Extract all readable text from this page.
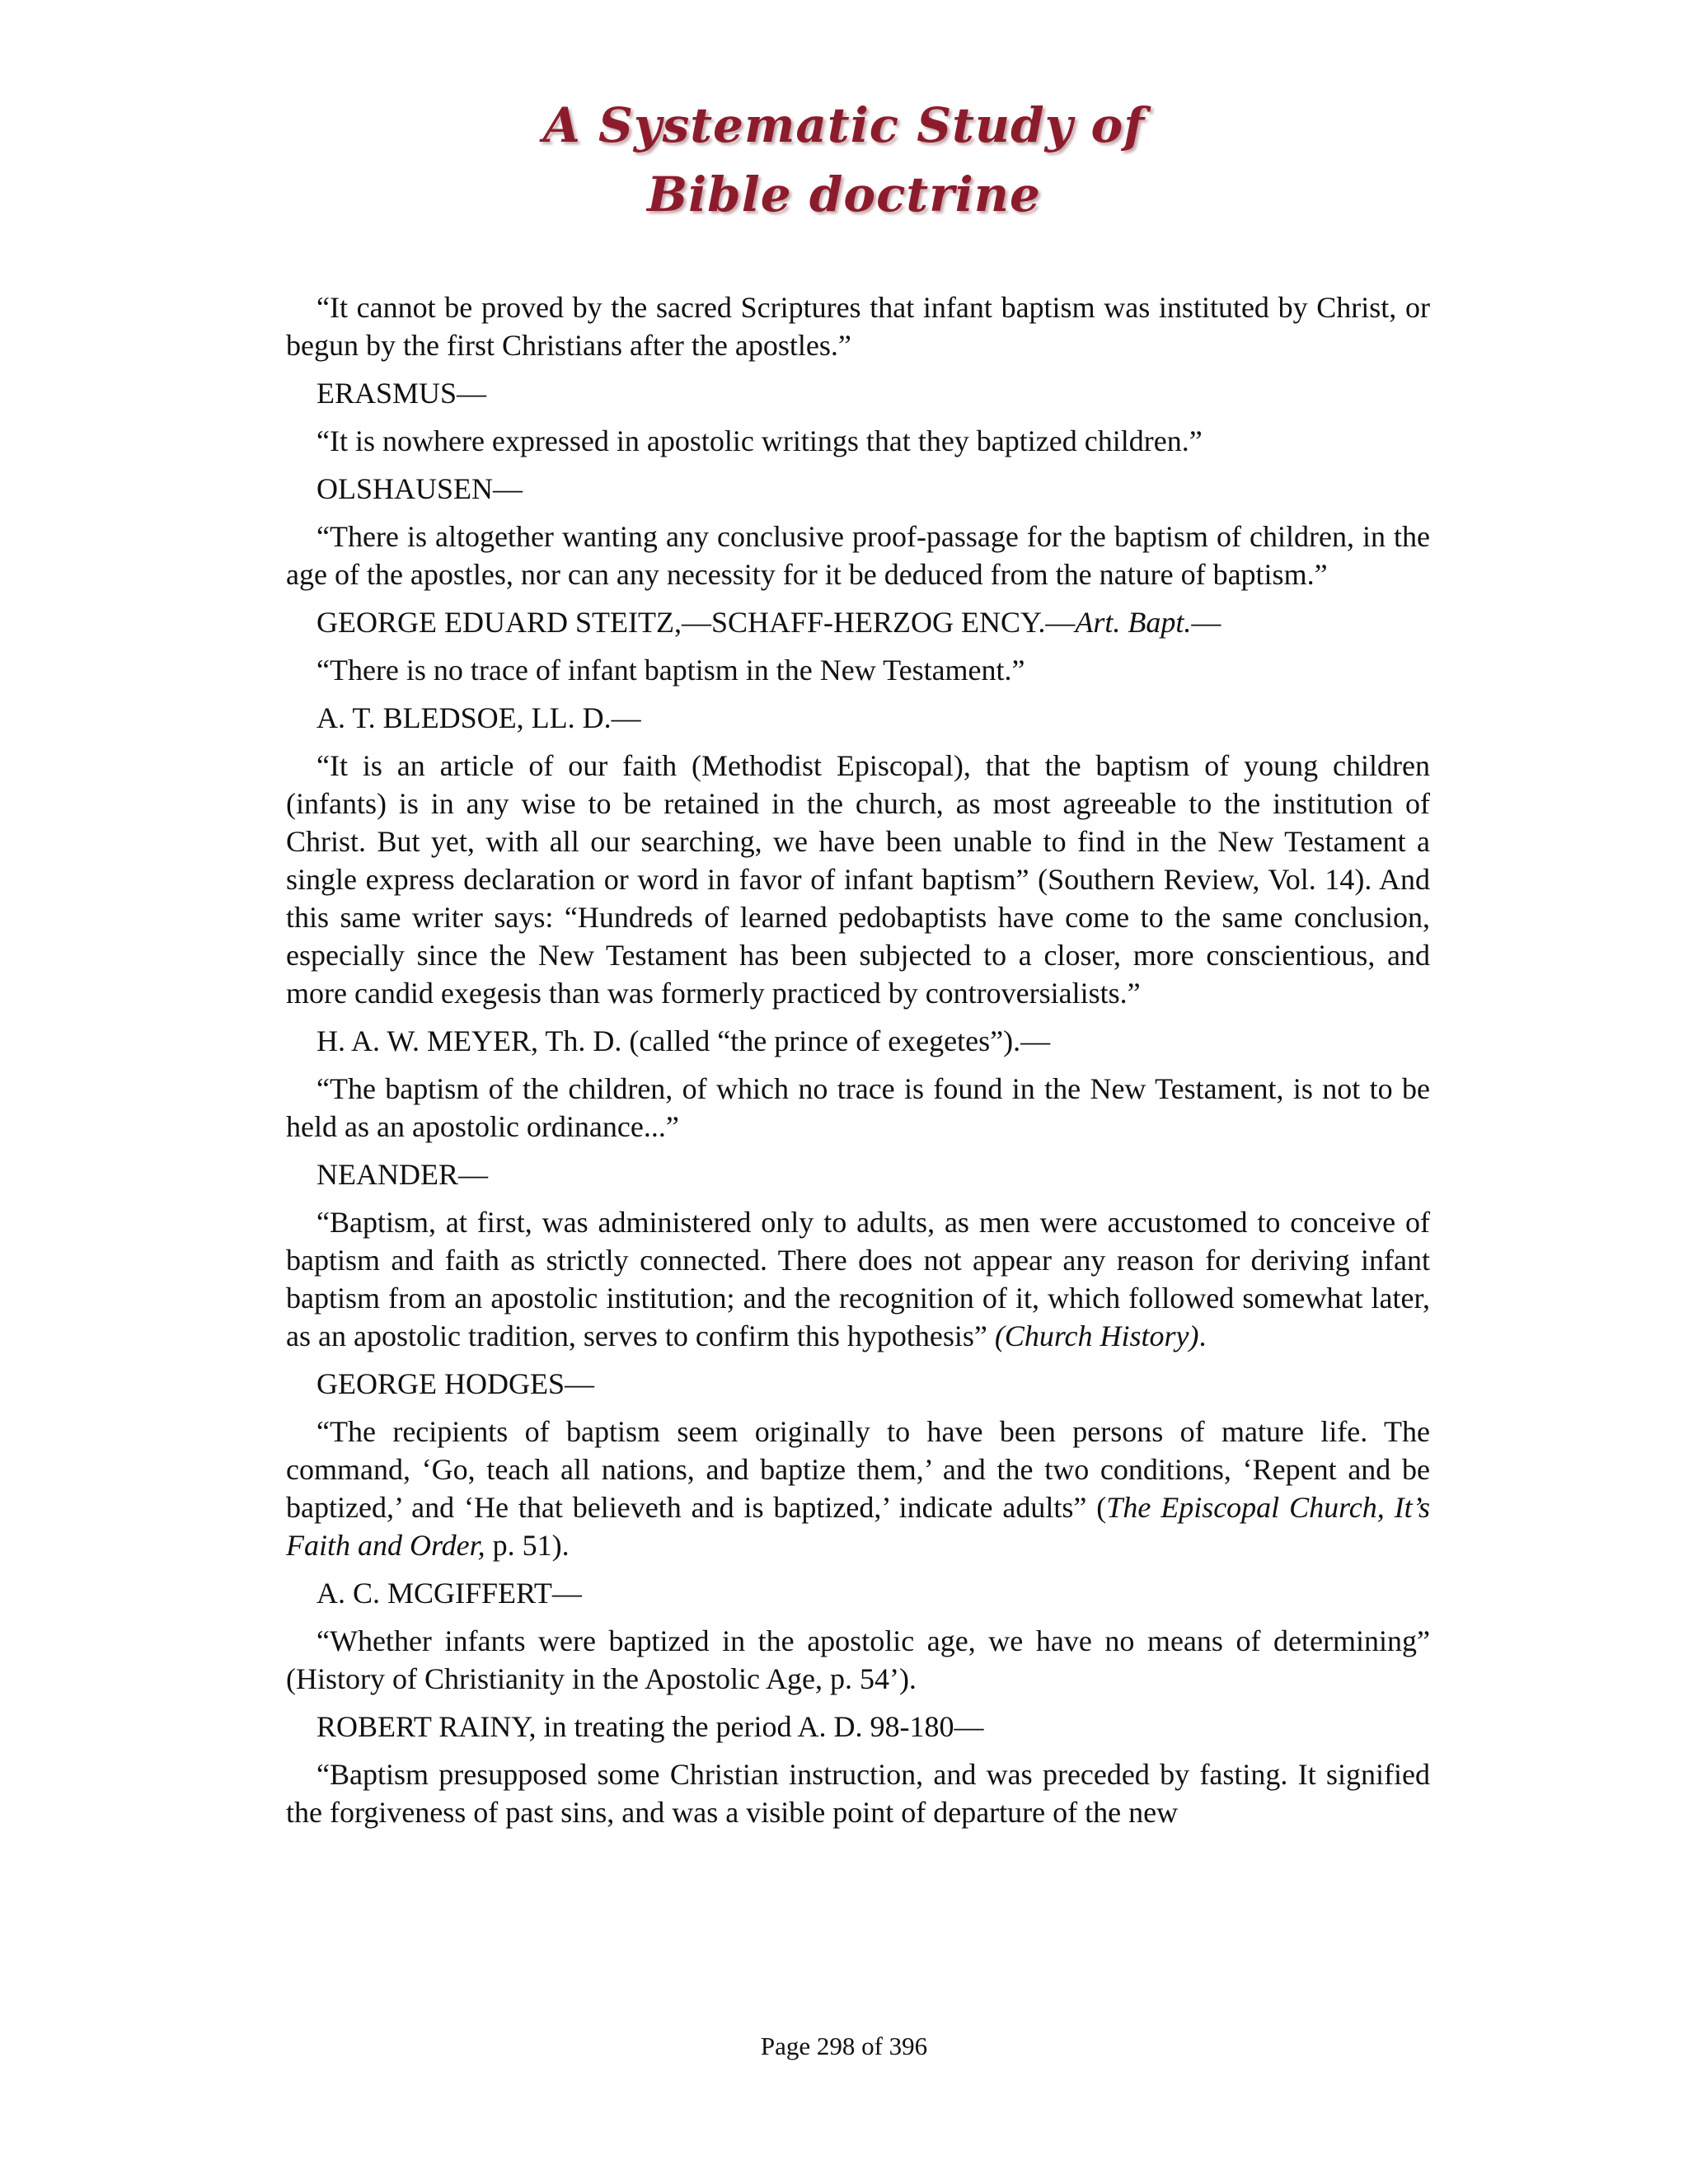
A Systematic Study of
Bible doctrine

“It cannot be proved by the sacred Scriptures that infant baptism was instituted by Christ, or begun by the first Christians after the apostles.”

ERASMUS—

“It is nowhere expressed in apostolic writings that they baptized children.”

OLSHAUSEN—

“There is altogether wanting any conclusive proof-passage for the baptism of children, in the age of the apostles, nor can any necessity for it be deduced from the nature of baptism.”

GEORGE EDUARD STEITZ,—SCHAFF-HERZOG ENCY.—Art. Bapt.—

“There is no trace of infant baptism in the New Testament.”

A. T. BLEDSOE, LL. D.—

“It is an article of our faith (Methodist Episcopal), that the baptism of young children (infants) is in any wise to be retained in the church, as most agreeable to the institution of Christ. But yet, with all our searching, we have been unable to find in the New Testament a single express declaration or word in favor of infant baptism” (Southern Review, Vol. 14). And this same writer says: “Hundreds of learned pedobaptists have come to the same conclusion, especially since the New Testament has been subjected to a closer, more conscientious, and more candid exegesis than was formerly practiced by controversialists.”

H. A. W. MEYER, Th. D. (called “the prince of exegetes”).—

“The baptism of the children, of which no trace is found in the New Testament, is not to be held as an apostolic ordinance...”

NEANDER—

“Baptism, at first, was administered only to adults, as men were accustomed to conceive of baptism and faith as strictly connected. There does not appear any reason for deriving infant baptism from an apostolic institution; and the recognition of it, which followed somewhat later, as an apostolic tradition, serves to confirm this hypothesis” (Church History).

GEORGE HODGES—

“The recipients of baptism seem originally to have been persons of mature life. The command, ‘Go, teach all nations, and baptize them,’ and the two conditions, ‘Repent and be baptized,’ and ‘He that believeth and is baptized,’ indicate adults” (The Episcopal Church, It’s Faith and Order, p. 51).

A. C. MCGIFFERT—

“Whether infants were baptized in the apostolic age, we have no means of determining” (History of Christianity in the Apostolic Age, p. 54’).

ROBERT RAINY, in treating the period A. D. 98-180—

“Baptism presupposed some Christian instruction, and was preceded by fasting. It signified the forgiveness of past sins, and was a visible point of departure of the new

Page 298 of 396
